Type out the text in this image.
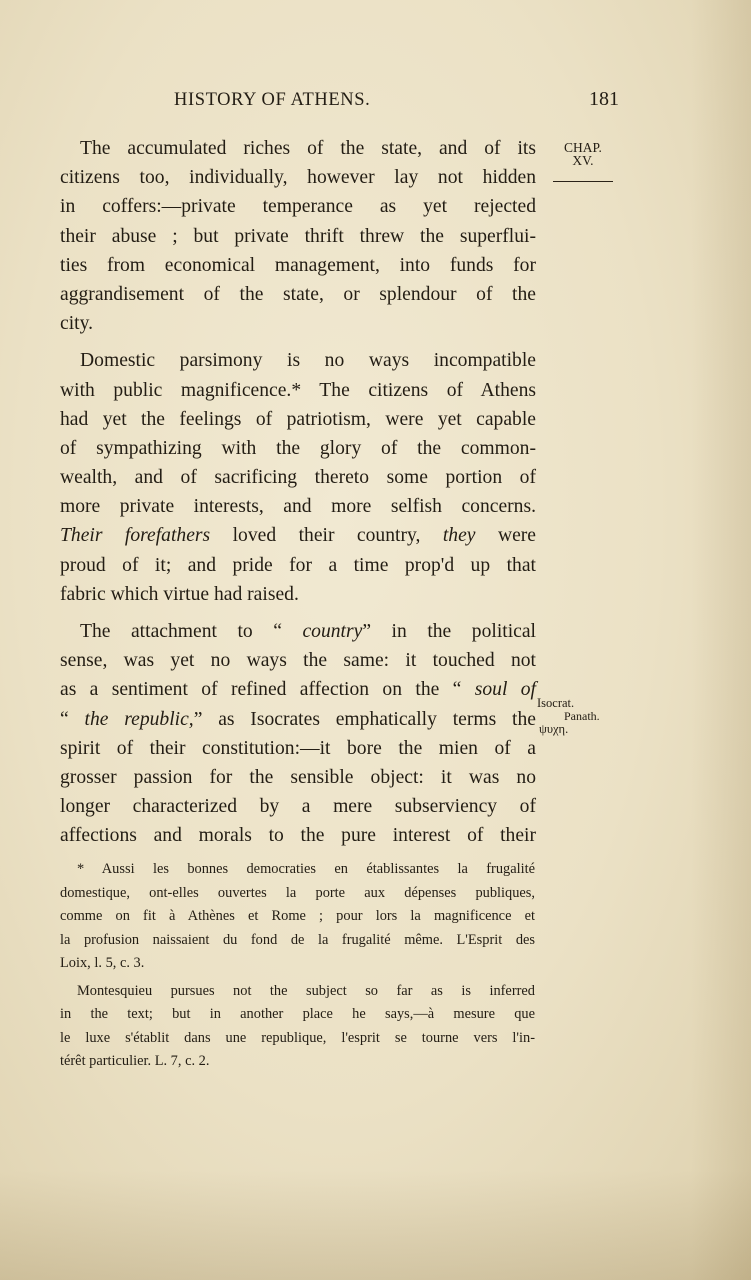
HISTORY OF ATHENS.	181
CHAP.
XV.
Isocrat.
Panath.
ψυχη.
The accumulated riches of the state, and of its
citizens too, individually, however lay not hidden
in coffers:—private temperance as yet rejected
their abuse ; but private thrift threw the superflui-
ties from economical management, into funds for
aggrandisement of the state, or splendour of the
city.
Domestic parsimony is no ways incompatible
with public magnificence.* The citizens of Athens
had yet the feelings of patriotism, were yet capable
of sympathizing with the glory of the common-
wealth, and of sacrificing thereto some portion of
more private interests, and more selfish concerns.
Their forefathers loved their country, they were
proud of it; and pride for a time prop'd up that
fabric which virtue had raised.
The attachment to “ country” in the political
sense, was yet no ways the same: it touched not
as a sentiment of refined affection on the “ soul of
“ the republic,” as Isocrates emphatically terms the
spirit of their constitution:—it bore the mien of a
grosser passion for the sensible object: it was no
longer characterized by a mere subserviency of
affections and morals to the pure interest of their
* Aussi les bonnes democraties en établissantes la frugalité
domestique, ont-elles ouvertes la porte aux dépenses publiques,
comme on fit à Athènes et Rome ; pour lors la magnificence et
la profusion naissaient du fond de la frugalité même. L'Esprit des
Loix, l. 5, c. 3.
Montesquieu pursues not the subject so far as is inferred
in the text; but in another place he says,—à mesure que
le luxe s'établit dans une republique, l'esprit se tourne vers l'in-
térêt particulier. L. 7, c. 2.
